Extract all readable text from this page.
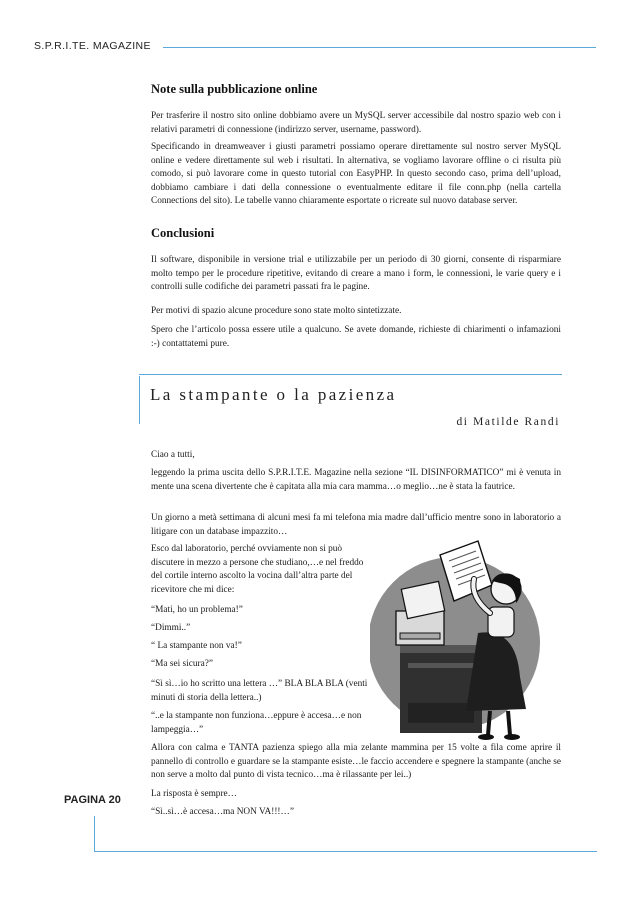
S.P.R.I.TE. MAGAZINE
Note sulla pubblicazione online

Per trasferire il nostro sito online dobbiamo avere un MySQL server accessibile dal nostro spazio web con i relativi parametri di connessione (indirizzo server, username, password).

Specificando in dreamweaver i giusti parametri possiamo operare direttamente sul nostro server MySQL online e vedere direttamente sul web i risultati. In alternativa, se vogliamo lavorare offline o ci risulta più comodo, si può lavorare come in questo tutorial con EasyPHP. In questo secondo caso, prima dell’upload, dobbiamo cambiare i dati della connessione o eventualmente editare il file conn.php (nella cartella Connections del sito). Le tabelle vanno chiaramente esportate o ricreate sul nuovo database server.

Conclusioni

Il software, disponibile in versione trial e utilizzabile per un periodo di 30 giorni, consente di risparmiare molto tempo per le procedure ripetitive, evitando di creare a mano i form, le connessioni, le varie query e i controlli sulle codifiche dei parametri passati fra le pagine.

Per motivi di spazio alcune procedure sono state molto sintetizzate.

Spero che l’articolo possa essere utile a qualcuno. Se avete domande, richieste di chiarimenti o infamazioni :-) contattatemi pure.

La stampante o la pazienza
di Matilde Randi

Ciao a tutti,

leggendo la prima uscita dello S.P.R.I.T.E. Magazine nella sezione “IL DISINFORMATICO” mi è venuta in mente una scena divertente che è capitata alla mia cara mamma…o meglio…ne è stata la fautrice.

Un giorno a metà settimana di alcuni mesi fa mi telefona mia madre dall’ufficio mentre sono in laboratorio a litigare con un database impazzito…

Esco dal laboratorio, perché ovviamente non si può discutere in mezzo a persone che studiano,…e nel freddo del cortile interno ascolto la vocina dall’altra parte del ricevitore che mi dice:

“Mati, ho un problema!”

“Dimmi..”

“ La stampante non va!”

“Ma sei sicura?”

“Sì sì…io ho scritto una lettera …” BLA BLA BLA (venti minuti di storia della lettera..)

“..e la stampante non funziona…eppure è accesa…e non lampeggia…”

Allora con calma e TANTA pazienza spiego alla mia zelante mammina per 15 volte a fila come aprire il pannello di controllo e guardare se la stampante esiste…le faccio accendere e spegnere la stampante (anche se non serve a molto dal punto di vista tecnico…ma è rilassante per lei..)

La risposta è sempre…

“Sì..sì…è accesa…ma NON VA!!!…”

PAGINA 20
